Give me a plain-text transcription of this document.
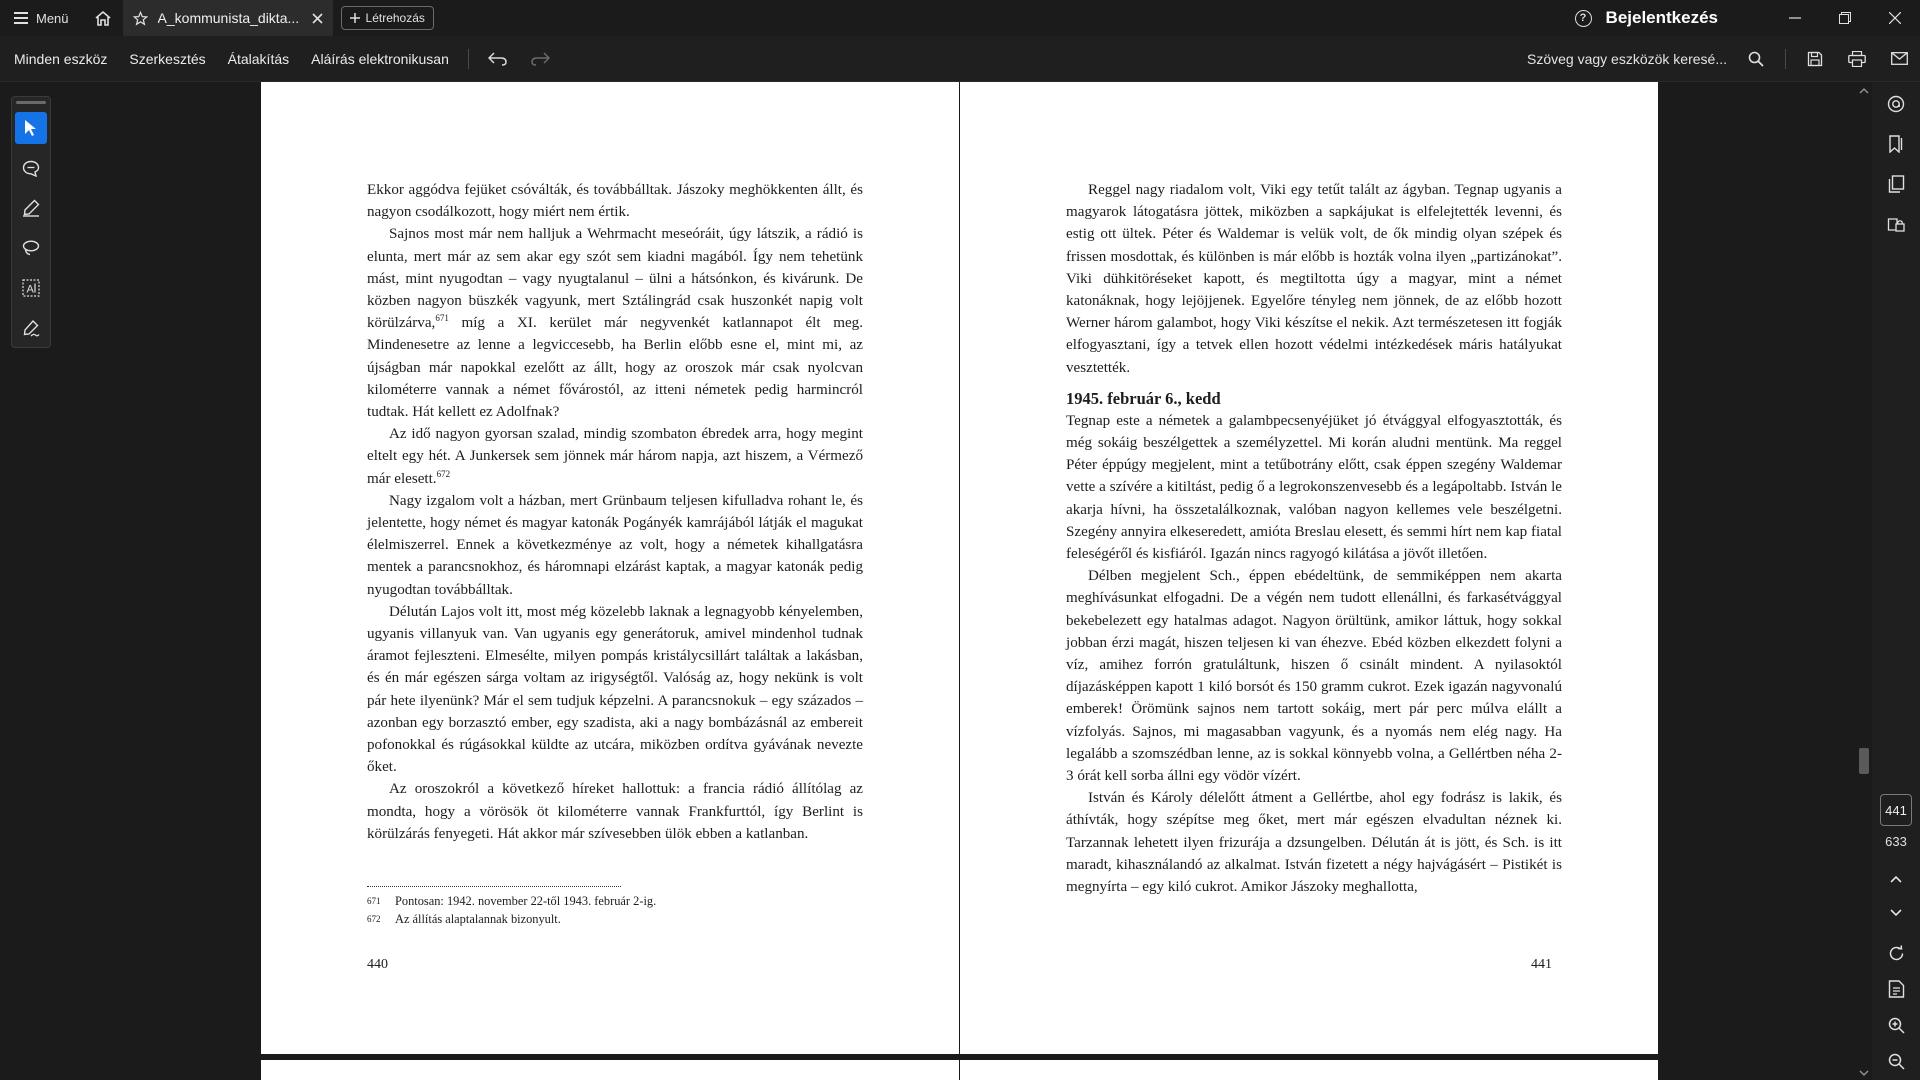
Menü	A_kommunista_dikta...	Létrehozás	?	Bejelentkezés
Minden eszköz	Szerkesztés	Átalakítás	Aláírás elektronikusan	Szöveg vagy eszközök keresé...
A

Ekkor aggódva fejüket csóválták, és továbbálltak. Jászoky meghökkenten állt, és nagyon csodálkozott, hogy miért nem értik.

Sajnos most már nem halljuk a Wehrmacht meseóráit, úgy látszik, a rádió is elunta, mert már az sem akar egy szót sem kiadni magából. Így nem tehetünk mást, mint nyugodtan – vagy nyugtalanul – ülni a hátsónkon, és kivárunk. De közben nagyon büszkék vagyunk, mert Sztálingrád csak huszonkét napig volt körülzárva,$^{671}$ míg a XI. kerület már negyvenkét katlannapot élt meg. Mindenesetre az lenne a legviccesebb, ha Berlin előbb esne el, mint mi, az újságban már napokkal ezelőtt az állt, hogy az oroszok már csak nyolcvan kilométerre vannak a német fővárostól, az itteni németek pedig harmincról tudtak. Hát kellett ez Adolfnak?

Az idő nagyon gyorsan szalad, mindig szombaton ébredek arra, hogy megint eltelt egy hét. A Junkersek sem jönnek már három napja, azt hiszem, a Vérmező már elesett.$^{672}$

Nagy izgalom volt a házban, mert Grünbaum teljesen kifulladva rohant le, és jelentette, hogy német és magyar katonák Pogányék kamrájából látják el magukat élelmiszerrel. Ennek a következménye az volt, hogy a németek kihallgatásra mentek a parancsnokhoz, és háromnapi elzárást kaptak, a magyar katonák pedig nyugodtan továbbálltak.

Délután Lajos volt itt, most még közelebb laknak a legnagyobb kényelemben, ugyanis villanyuk van. Van ugyanis egy generátoruk, amivel mindenhol tudnak áramot fejleszteni. Elmesélte, milyen pompás kristálycsillárt találtak a lakásban, és én már egészen sárga voltam az irigységtől. Valóság az, hogy nekünk is volt pár hete ilyenünk? Már el sem tudjuk képzelni. A parancsnokuk – egy százados – azonban egy borzasztó ember, egy szadista, aki a nagy bombázásnál az embereit pofonokkal és rúgásokkal küldte az utcára, miközben ordítva gyávának nevezte őket.

Az oroszokról a következő híreket hallottuk: a francia rádió állítólag az mondta, hogy a vörösök öt kilométerre vannak Frankfurttól, így Berlint is körülzárás fenyegeti. Hát akkor már szívesebben ülök ebben a katlanban.

671 Pontosan: 1942. november 22-től 1943. február 2-ig.
672 Az állítás alaptalannak bizonyult.
440

Reggel nagy riadalom volt, Viki egy tetűt talált az ágyban. Tegnap ugyanis a magyarok látogatásra jöttek, miközben a sapkájukat is elfelejtették levenni, és estig ott ültek. Péter és Waldemar is velük volt, de ők mindig olyan szépek és frissen mosdottak, és különben is már előbb is hozták volna ilyen „partizánokat”. Viki dühkitöréseket kapott, és megtiltotta úgy a magyar, mint a német katonáknak, hogy lejöjjenek. Egyelőre tényleg nem jönnek, de az előbb hozott Werner három galambot, hogy Viki készítse el nekik. Azt természetesen itt fogják elfogyasztani, így a tetvek ellen hozott védelmi intézkedések máris hatályukat vesztették.

1945. február 6., kedd

Tegnap este a németek a galambpecsenyéjüket jó étvággyal elfogyasztották, és még sokáig beszélgettek a személyzettel. Mi korán aludni mentünk. Ma reggel Péter éppúgy megjelent, mint a tetűbotrány előtt, csak éppen szegény Waldemar vette a szívére a kitiltást, pedig ő a legrokonszenvesebb és a legápoltabb. István le akarja hívni, ha összetalálkoznak, valóban nagyon kellemes vele beszélgetni. Szegény annyira elkeseredett, amióta Breslau elesett, és semmi hírt nem kap fiatal feleségéről és kisfiáról. Igazán nincs ragyogó kilátása a jövőt illetően.

Délben megjelent Sch., éppen ebédeltünk, de semmiképpen nem akarta meghívásunkat elfogadni. De a végén nem tudott ellenállni, és farkasétvággyal bekebelezett egy hatalmas adagot. Nagyon örültünk, amikor láttuk, hogy sokkal jobban érzi magát, hiszen teljesen ki van éhezve. Ebéd közben elkezdett folyni a víz, amihez forrón gratuláltunk, hiszen ő csinált mindent. A nyilasoktól díjazásképpen kapott 1 kiló borsót és 150 gramm cukrot. Ezek igazán nagyvonalú emberek! Örömünk sajnos nem tartott sokáig, mert pár perc múlva elállt a vízfolyás. Sajnos, mi magasabban vagyunk, és a nyomás nem elég nagy. Ha legalább a szomszédban lenne, az is sokkal könnyebb volna, a Gellértben néha 2-3 órát kell sorba állni egy vödör vízért.

István és Károly délelőtt átment a Gellértbe, ahol egy fodrász is lakik, és áthívták, hogy szépítse meg őket, mert már egészen elvadultan néznek ki. Tarzannak lehetett ilyen frizurája a dzsungelben. Délután át is jött, és Sch. is itt maradt, kihasználandó az alkalmat. István fizetett a négy hajvágásért – Pistikét is megnyírta – egy kiló cukrot. Amikor Jászoky meghallotta,

441
441
633
